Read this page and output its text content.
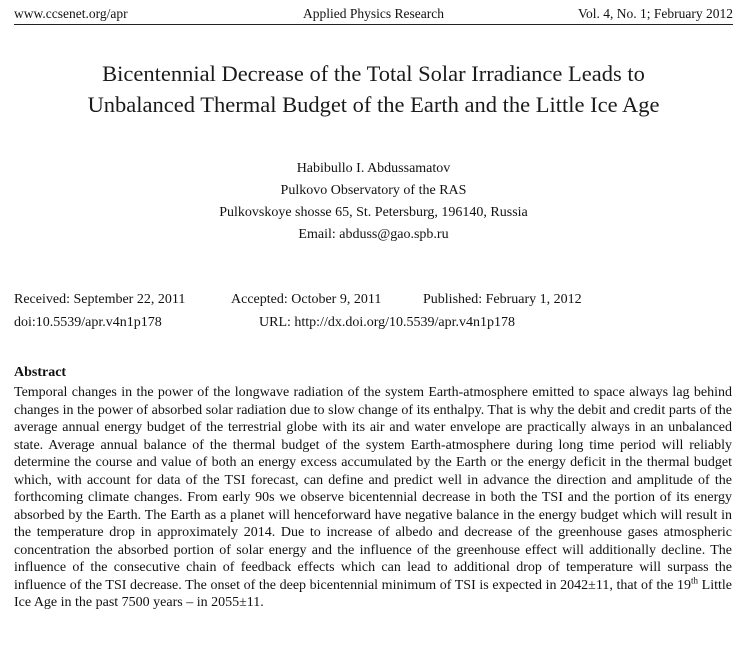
Applied Physics Research
www.ccsenet.org/apr	Vol. 4, No. 1; February 2012
Bicentennial Decrease of the Total Solar Irradiance Leads to
Unbalanced Thermal Budget of the Earth and the Little Ice Age
Habibullo I. Abdussamatov
Pulkovo Observatory of the RAS
Pulkovskoye shosse 65, St. Petersburg, 196140, Russia
Email: abduss@gao.spb.ru
Received: September 22, 2011	Accepted: October 9, 2011	Published: February 1, 2012
doi:10.5539/apr.v4n1p178	URL: http://dx.doi.org/10.5539/apr.v4n1p178
Abstract

Temporal changes in the power of the longwave radiation of the system Earth-atmosphere emitted to space always lag behind changes in the power of absorbed solar radiation due to slow change of its enthalpy. That is why the debit and credit parts of the average annual energy budget of the terrestrial globe with its air and water envelope are practically always in an unbalanced state. Average annual balance of the thermal budget of the system Earth-atmosphere during long time period will reliably determine the course and value of both an energy excess accumulated by the Earth or the energy deficit in the thermal budget which, with account for data of the TSI forecast, can define and predict well in advance the direction and amplitude of the forthcoming climate changes. From early 90s we observe bicentennial decrease in both the TSI and the portion of its energy absorbed by the Earth. The Earth as a planet will henceforward have negative balance in the energy budget which will result in the temperature drop in approximately 2014. Due to increase of albedo and decrease of the greenhouse gases atmospheric concentration the absorbed portion of solar energy and the influence of the greenhouse effect will additionally decline. The influence of the consecutive chain of feedback effects which can lead to additional drop of temperature will surpass the influence of the TSI decrease. The onset of the deep bicentennial minimum of TSI is expected in 2042±11, that of the 19th Little Ice Age in the past 7500 years – in 2055±11.
